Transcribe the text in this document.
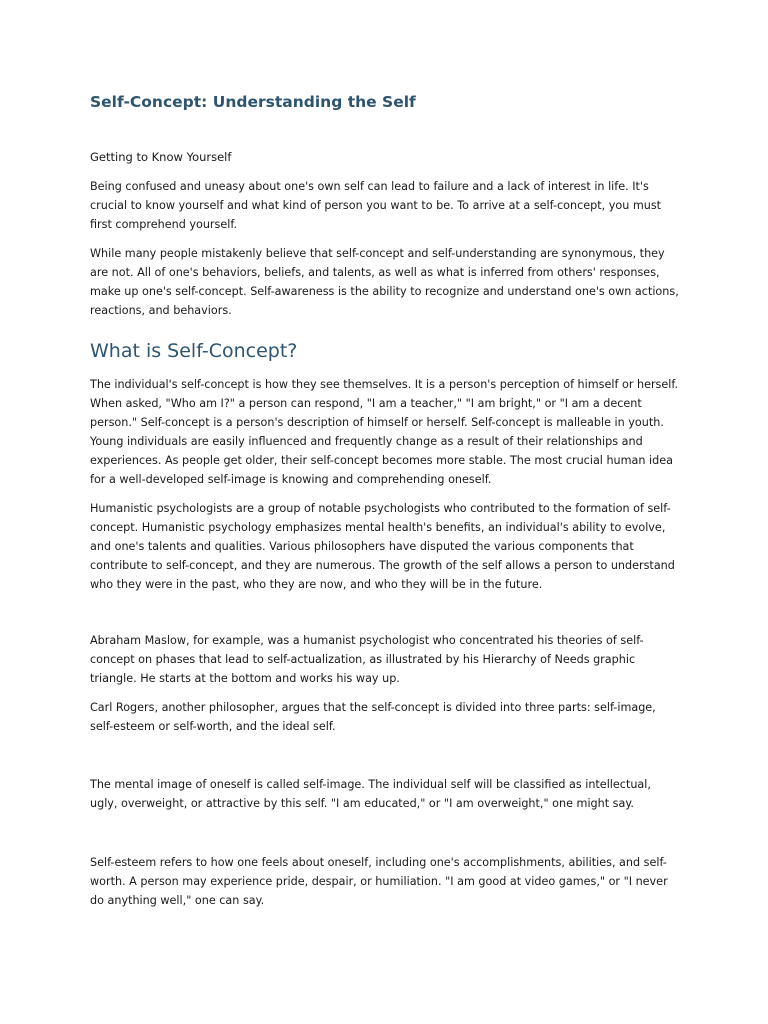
Self-Concept: Understanding the Self
Getting to Know Yourself

Being confused and uneasy about one's own self can lead to failure and a lack of interest in life. It's crucial to know yourself and what kind of person you want to be. To arrive at a self-concept, you must first comprehend yourself.

While many people mistakenly believe that self-concept and self-understanding are synonymous, they are not. All of one's behaviors, beliefs, and talents, as well as what is inferred from others' responses, make up one's self-concept. Self-awareness is the ability to recognize and understand one's own actions, reactions, and behaviors.

What is Self-Concept?

The individual's self-concept is how they see themselves. It is a person's perception of himself or herself. When asked, "Who am I?" a person can respond, "I am a teacher," "I am bright," or "I am a decent person." Self-concept is a person's description of himself or herself. Self-concept is malleable in youth. Young individuals are easily influenced and frequently change as a result of their relationships and experiences. As people get older, their self-concept becomes more stable. The most crucial human idea for a well-developed self-image is knowing and comprehending oneself.

Humanistic psychologists are a group of notable psychologists who contributed to the formation of self-concept. Humanistic psychology emphasizes mental health's benefits, an individual's ability to evolve, and one's talents and qualities. Various philosophers have disputed the various components that contribute to self-concept, and they are numerous. The growth of the self allows a person to understand who they were in the past, who they are now, and who they will be in the future.

Abraham Maslow, for example, was a humanist psychologist who concentrated his theories of self-concept on phases that lead to self-actualization, as illustrated by his Hierarchy of Needs graphic triangle. He starts at the bottom and works his way up.

Carl Rogers, another philosopher, argues that the self-concept is divided into three parts: self-image, self-esteem or self-worth, and the ideal self.

The mental image of oneself is called self-image. The individual self will be classified as intellectual, ugly, overweight, or attractive by this self. "I am educated," or "I am overweight," one might say.

Self-esteem refers to how one feels about oneself, including one's accomplishments, abilities, and self-worth. A person may experience pride, despair, or humiliation. "I am good at video games," or "I never do anything well," one can say.
